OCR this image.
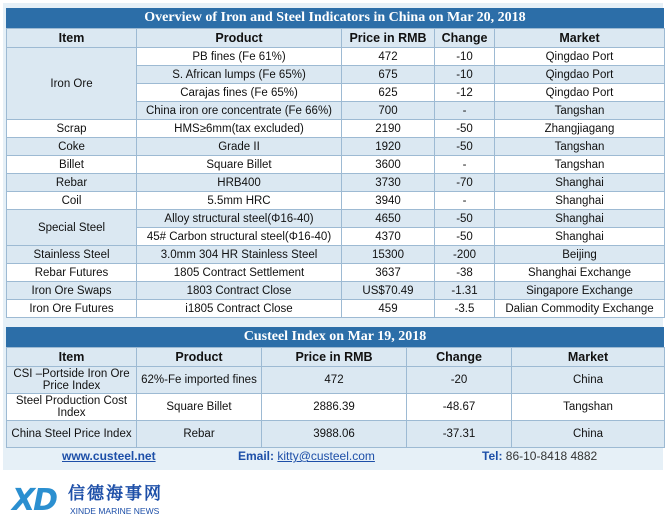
Overview of Iron and Steel Indicators in China on Mar 20, 2018
Item	Product	Price in RMB	Change	Market
Iron Ore	PB fines (Fe 61%)	472	-10	Qingdao Port
	S. African lumps (Fe 65%)	675	-10	Qingdao Port
	Carajas fines (Fe 65%)	625	-12	Qingdao Port
	China iron ore concentrate (Fe 66%)	700	-	Tangshan
Scrap	HMS≥6mm(tax excluded)	2190	-50	Zhangjiagang
Coke	Grade II	1920	-50	Tangshan
Billet	Square Billet	3600	-	Tangshan
Rebar	HRB400	3730	-70	Shanghai
Coil	5.5mm HRC	3940	-	Shanghai
Special Steel	Alloy structural steel(Φ16-40)	4650	-50	Shanghai
	45# Carbon structural steel(Φ16-40)	4370	-50	Shanghai
Stainless Steel	3.0mm 304 HR Stainless Steel	15300	-200	Beijing
Rebar Futures	1805 Contract Settlement	3637	-38	Shanghai Exchange
Iron Ore Swaps	1803 Contract Close	US$70.49	-1.31	Singapore Exchange
Iron Ore Futures	i1805 Contract Close	459	-3.5	Dalian Commodity Exchange
Custeel Index on Mar 19, 2018
Item	Product	Price in RMB	Change	Market
CSI –Portside Iron Ore Price Index	62%-Fe imported fines	472	-20	China
Steel Production Cost Index	Square Billet	2886.39	-48.67	Tangshan
China Steel Price Index	Rebar	3988.06	-37.31	China
www.custeel.net	Email: kitty@custeel.com	Tel: 86-10-8418 4882
XD 信德海事网
XINDE MARINE NEWS
